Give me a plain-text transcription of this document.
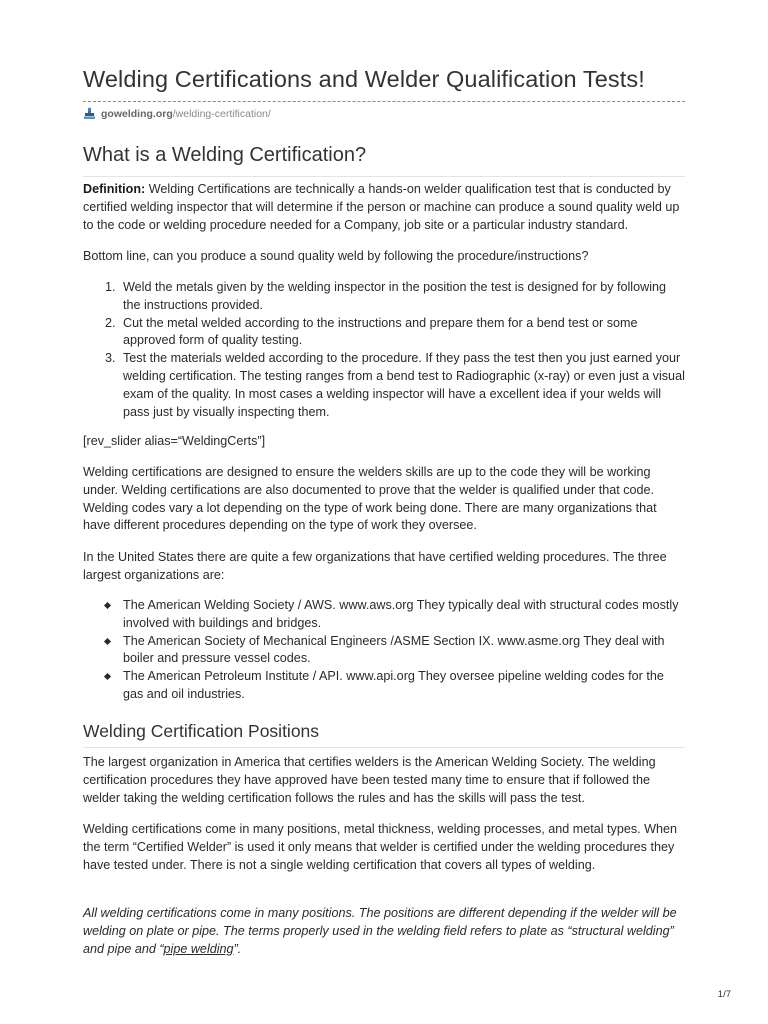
Welding Certifications and Welder Qualification Tests!
gowelding.org /welding-certification/
What is a Welding Certification?

Definition: Welding Certifications are technically a hands-on welder qualification test that is conducted by certified welding inspector that will determine if the person or machine can produce a sound quality weld up to the code or welding procedure needed for a Company, job site or a particular industry standard.

Bottom line, can you produce a sound quality weld by following the procedure/instructions?

1. Weld the metals given by the welding inspector in the position the test is designed for by following the instructions provided.
2. Cut the metal welded according to the instructions and prepare them for a bend test or some approved form of quality testing.
3. Test the materials welded according to the procedure. If they pass the test then you just earned your welding certification. The testing ranges from a bend test to Radiographic (x-ray) or even just a visual exam of the quality. In most cases a welding inspector will have a excellent idea if your welds will pass just by visually inspecting them.

[rev_slider alias=“WeldingCerts”]

Welding certifications are designed to ensure the welders skills are up to the code they will be working under. Welding certifications are also documented to prove that the welder is qualified under that code. Welding codes vary a lot depending on the type of work being done. There are many organizations that have different procedures depending on the type of work they oversee.

In the United States there are quite a few organizations that have certified welding procedures. The three largest organizations are:

The American Welding Society / AWS. www.aws.org They typically deal with structural codes mostly involved with buildings and bridges.
The American Society of Mechanical Engineers /ASME Section IX. www.asme.org They deal with boiler and pressure vessel codes.
The American Petroleum Institute / API. www.api.org They oversee pipeline welding codes for the gas and oil industries.
Welding Certification Positions

The largest organization in America that certifies welders is the American Welding Society. The welding certification procedures they have approved have been tested many time to ensure that if followed the welder taking the welding certification follows the rules and has the skills will pass the test.

Welding certifications come in many positions, metal thickness, welding processes, and metal types. When the term “Certified Welder” is used it only means that welder is certified under the welding procedures they have tested under. There is not a single welding certification that covers all types of welding.

All welding certifications come in many positions. The positions are different depending if the welder will be welding on plate or pipe. The terms properly used in the welding field refers to plate as “structural welding” and pipe and “pipe welding”.

1/7
